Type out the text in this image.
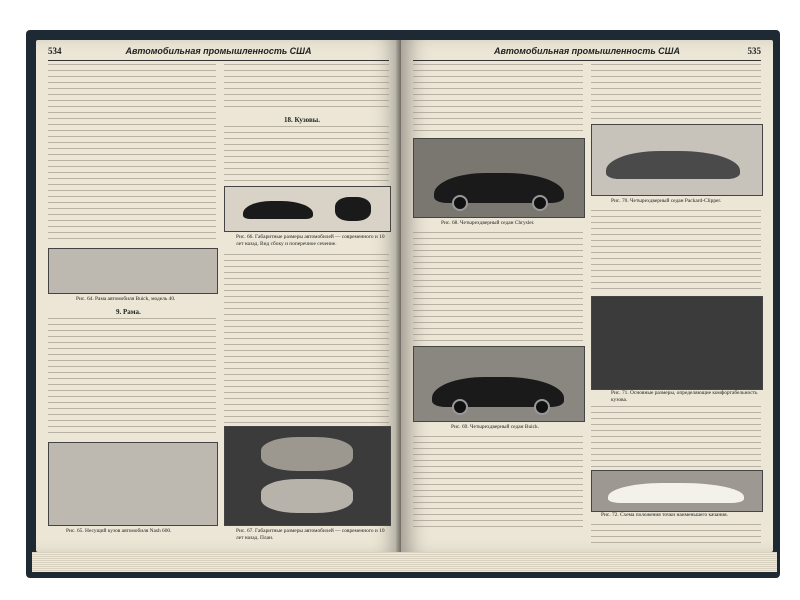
534	Автомобильная промышленность США
Рис. 64. Рама автомобиля Buick, модель 40.
9. Рама.
Рис. 65. Несущий кузов автомобиля Nash 600.
18. Кузовы.
Рис. 66. Габаритные размеры автомобилей — современного и 10 лет назад. Вид сбоку и поперечное сечение.
Рис. 67. Габаритные размеры автомобилей — современного и 10 лет назад. План.
Автомобильная промышленность США	535
Рис. 68. Четырехдверный седан Chrysler.
Рис. 69. Четырехдверный седан Buick.
Рис. 70. Четырехдверный седан Packard-Clipper.
Рис. 71. Основные размеры, определяющие комфортабельность кузова.
Рис. 72. Схема положения точки наименьшего качания.
